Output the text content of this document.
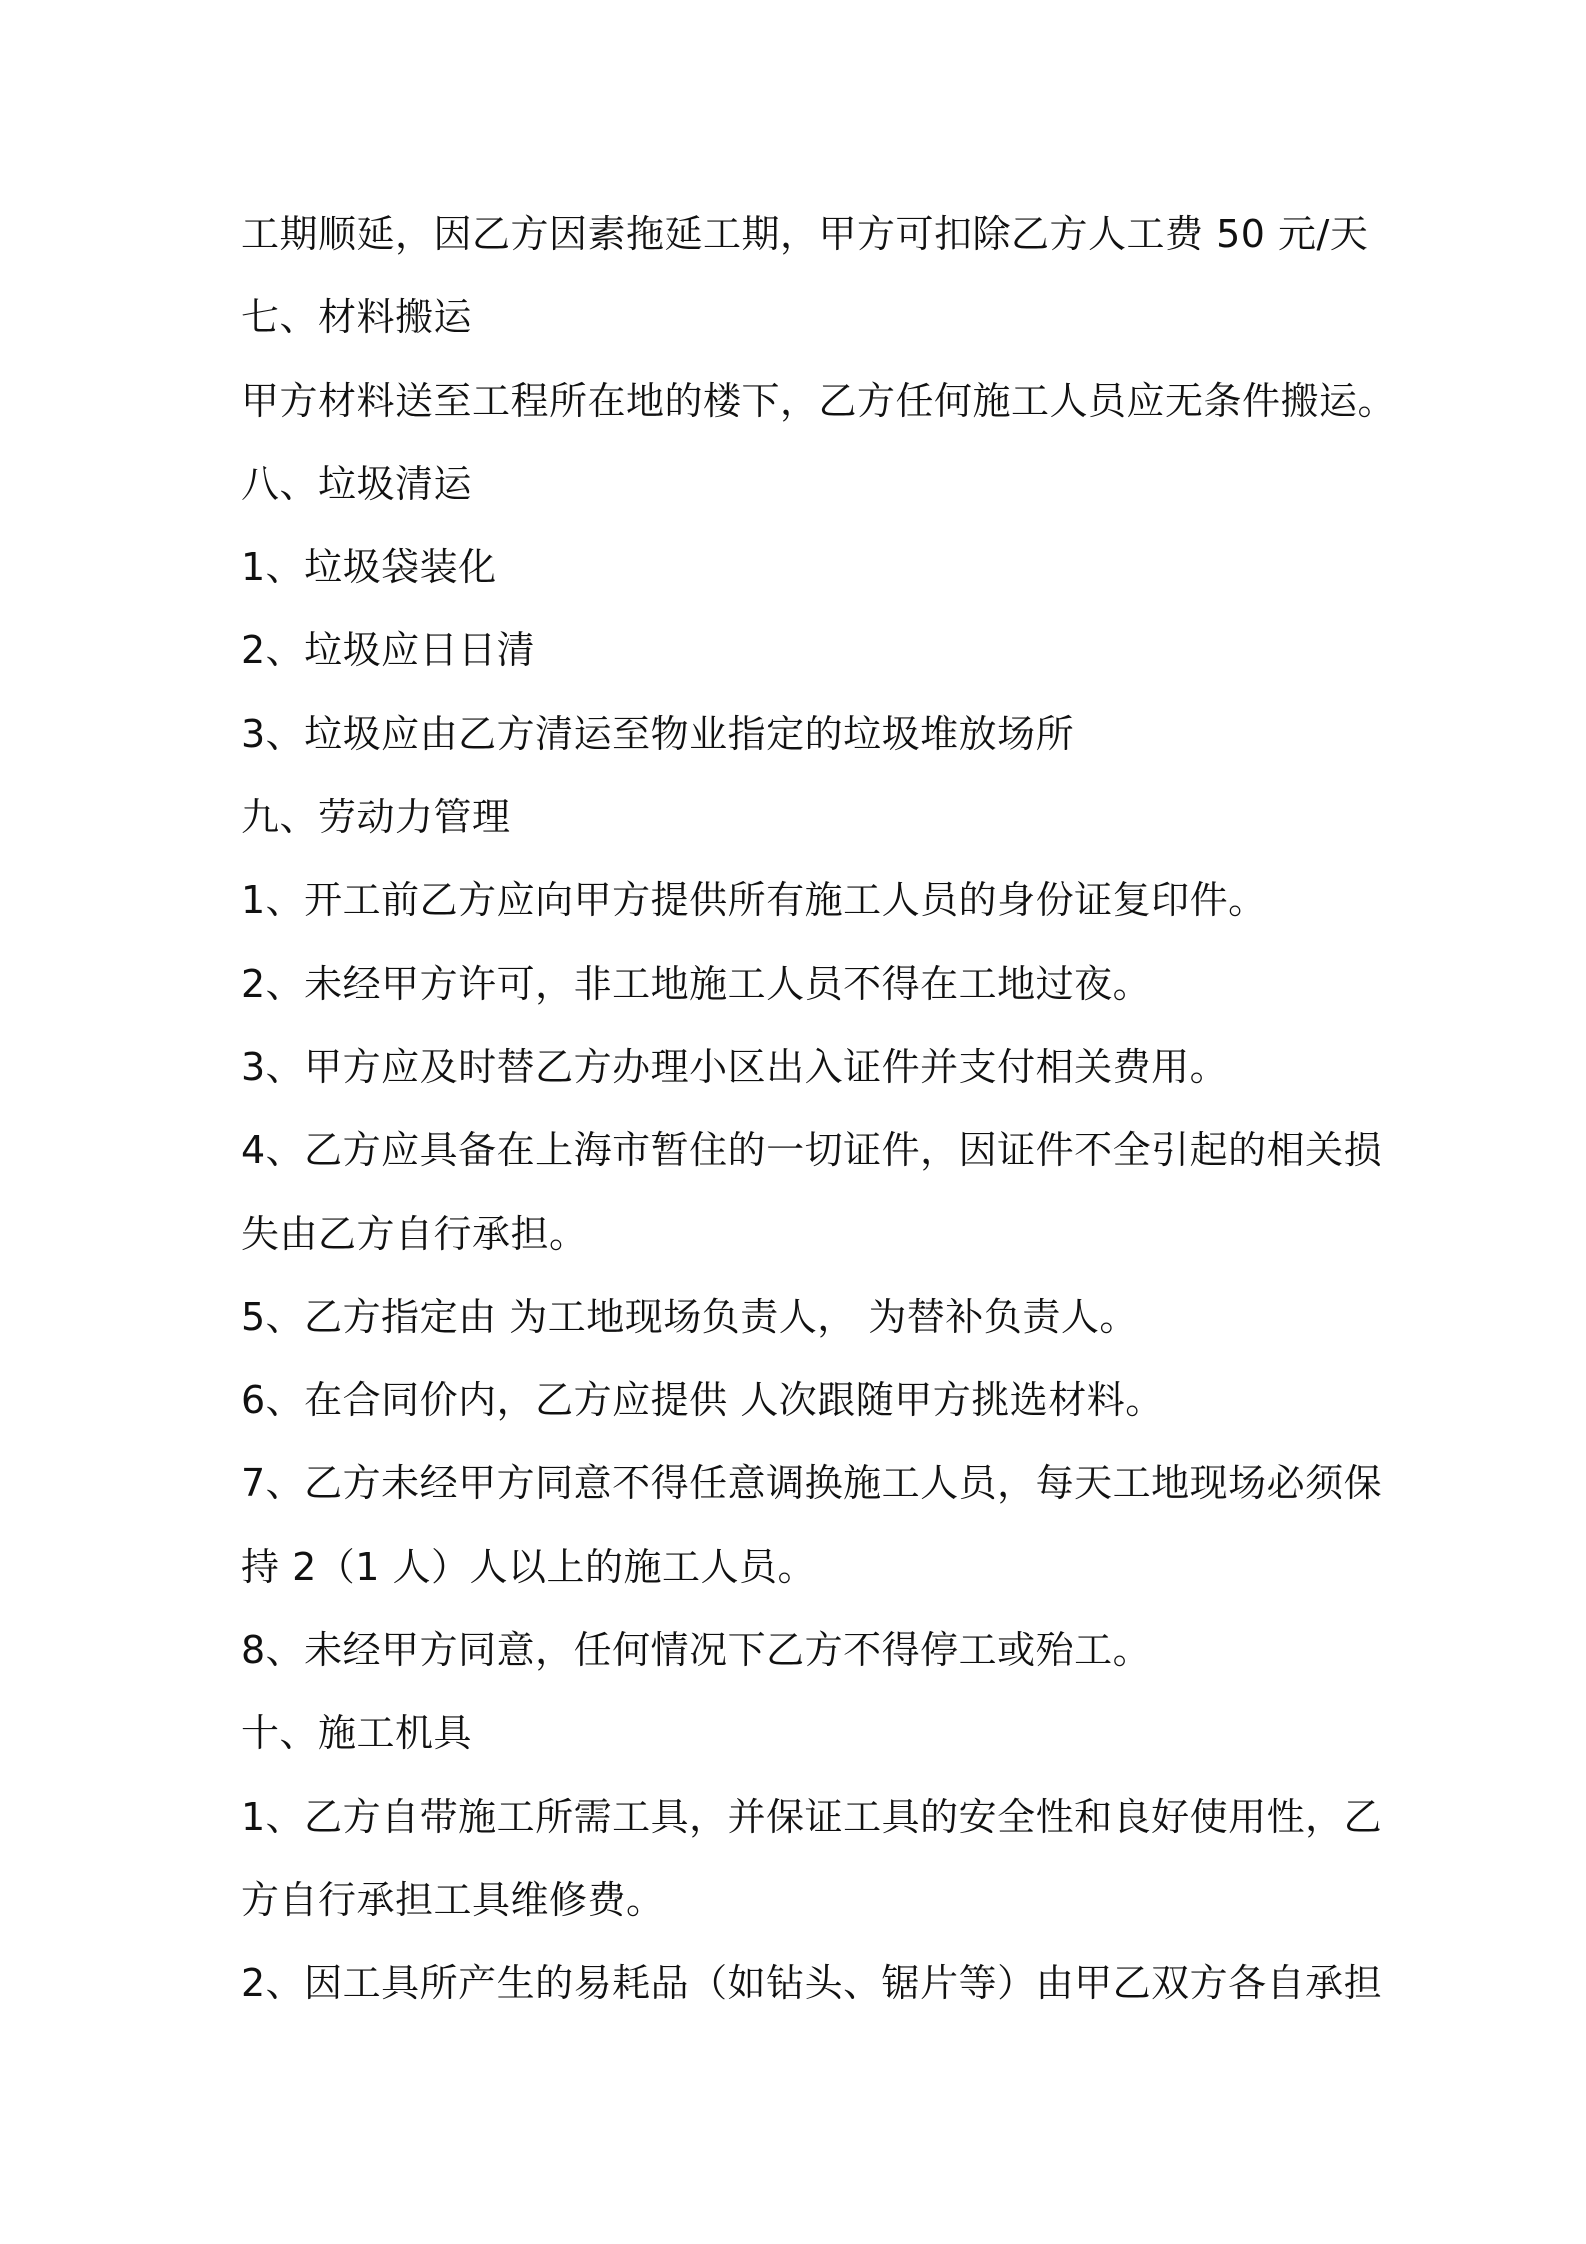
工期顺延，因乙方因素拖延工期，甲方可扣除乙方人工费 50 元/天
七、材料搬运
甲方材料送至工程所在地的楼下，乙方任何施工人员应无条件搬运。
八、垃圾清运
1、垃圾袋装化
2、垃圾应日日清
3、垃圾应由乙方清运至物业指定的垃圾堆放场所
九、劳动力管理
1、开工前乙方应向甲方提供所有施工人员的身份证复印件。
2、未经甲方许可，非工地施工人员不得在工地过夜。
3、甲方应及时替乙方办理小区出入证件并支付相关费用。
4、乙方应具备在上海市暂住的一切证件，因证件不全引起的相关损
失由乙方自行承担。
5、乙方指定由 为工地现场负责人， 为替补负责人。
6、在合同价内，乙方应提供 人次跟随甲方挑选材料。
7、乙方未经甲方同意不得任意调换施工人员，每天工地现场必须保
持 2（1 人）人以上的施工人员。
8、未经甲方同意，任何情况下乙方不得停工或殆工。
十、施工机具
1、乙方自带施工所需工具，并保证工具的安全性和良好使用性，乙
方自行承担工具维修费。
2、因工具所产生的易耗品（如钻头、锯片等）由甲乙双方各自承担
